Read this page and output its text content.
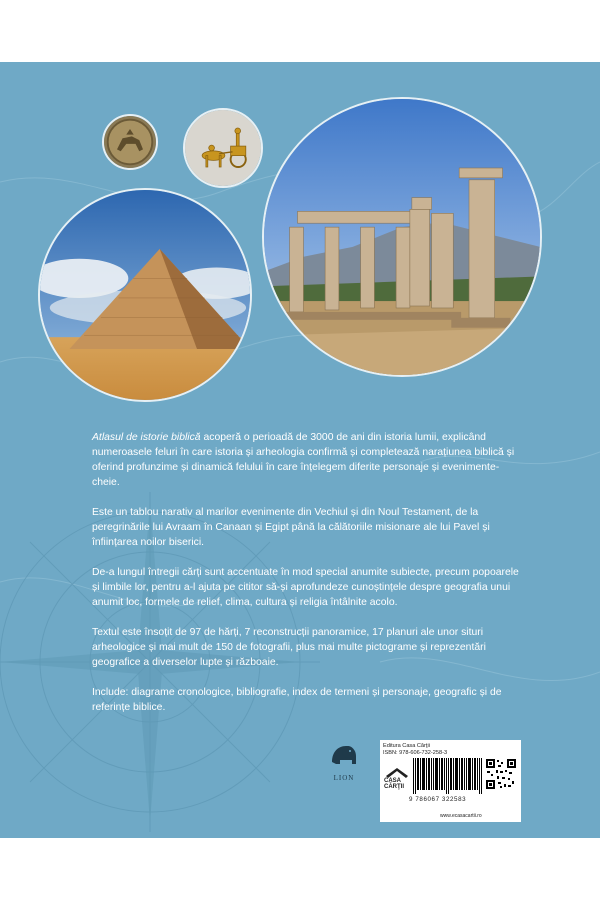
Atlasul de istorie biblică acoperă o perioadă de 3000 de ani din istoria lumii, explicând numeroasele feluri în care istoria și arheologia confirmă și completează narațiunea biblică și oferind profunzime și dinamică felului în care înțelegem diferite personaje și evenimente-cheie.

Este un tablou narativ al marilor evenimente din Vechiul și din Noul Testament, de la peregrinările lui Avraam în Canaan și Egipt până la călătoriile misionare ale lui Pavel și înființarea noilor biserici.

De-a lungul întregii cărți sunt accentuate în mod special anumite subiecte, precum popoarele și limbile lor, pentru a-l ajuta pe cititor să-și aprofundeze cunoștințele despre geografia unui anumit loc, formele de relief, clima, cultura și religia întâlnite acolo.

Textul este însoțit de 97 de hărți, 7 reconstrucții panoramice, 17 planuri ale unor situri arheologice și mai mult de 150 de fotografii, plus mai multe pictograme și reprezentări geografice a diverselor lupte și războaie.

Include: diagrame cronologice, bibliografie, index de termeni și personaje, geografic și de referințe biblice.

LION
Editura Casa Cărţii
ISBN: 978-606-732-258-3
CASA
CĂRŢII
9 786067 322583
www.ecasacartii.ro
